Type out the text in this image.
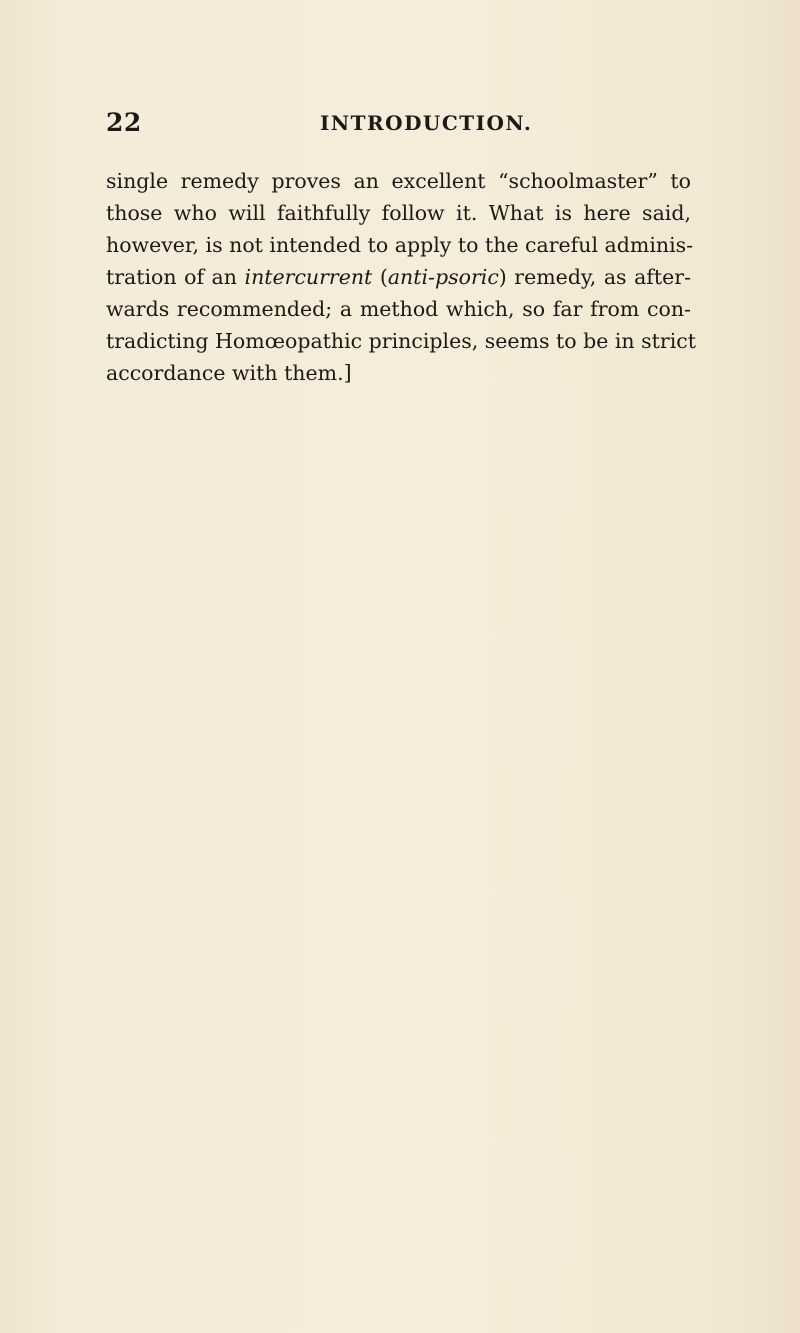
22	INTRODUCTION.
single remedy proves an excellent “schoolmaster” to
those who will faithfully follow it. What is here said,
however, is not intended to apply to the careful adminis-
tration of an intercurrent (anti-psoric) remedy, as after-
wards recommended; a method which, so far from con-
tradicting Homœopathic principles, seems to be in strict
accordance with them.]
